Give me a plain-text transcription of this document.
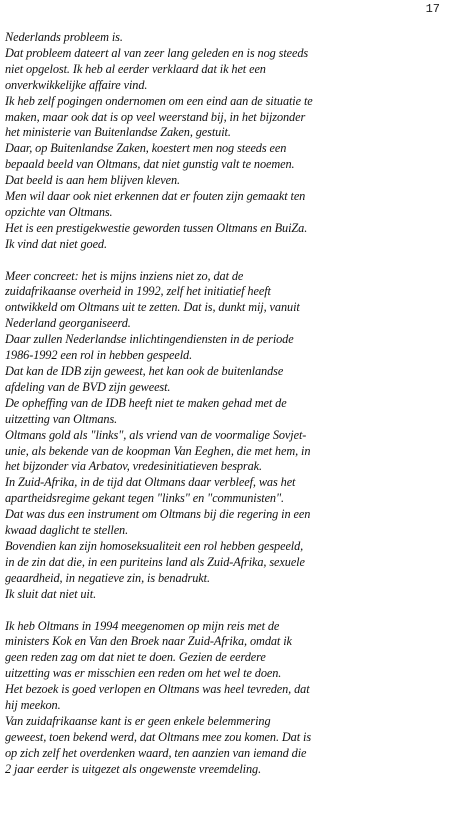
17
Nederlands probleem is.
Dat probleem dateert al van zeer lang geleden en is nog steeds
niet opgelost. Ik heb al eerder verklaard dat ik het een
onverkwikkelijke affaire vind.
Ik heb zelf pogingen ondernomen om een eind aan de situatie te
maken, maar ook dat is op veel weerstand bij, in het bijzonder
het ministerie van Buitenlandse Zaken, gestuit.
Daar, op Buitenlandse Zaken, koestert men nog steeds een
bepaald beeld van Oltmans, dat niet gunstig valt te noemen.
Dat beeld is aan hem blijven kleven.
Men wil daar ook niet erkennen dat er fouten zijn gemaakt ten
opzichte van Oltmans.
Het is een prestigekwestie geworden tussen Oltmans en BuiZa.
Ik vind dat niet goed.
Meer concreet: het is mijns inziens niet zo, dat de
zuidafrikaanse overheid in 1992, zelf het initiatief heeft
ontwikkeld om Oltmans uit te zetten. Dat is, dunkt mij, vanuit
Nederland georganiseerd.
Daar zullen Nederlandse inlichtingendiensten in de periode
1986-1992 een rol in hebben gespeeld.
Dat kan de IDB zijn geweest, het kan ook de buitenlandse
afdeling van de BVD zijn geweest.
De opheffing van de IDB heeft niet te maken gehad met de
uitzetting van Oltmans.
Oltmans gold als "links", als vriend van de voormalige Sovjet-
unie, als bekende van de koopman Van Eeghen, die met hem, in
het bijzonder via Arbatov, vredesinitiatieven besprak.
In Zuid-Afrika, in de tijd dat Oltmans daar verbleef, was het
apartheidsregime gekant tegen "links" en "communisten".
Dat was dus een instrument om Oltmans bij die regering in een
kwaad daglicht te stellen.
Bovendien kan zijn homoseksualiteit een rol hebben gespeeld,
in de zin dat die, in een puriteins land als Zuid-Afrika, sexuele
geaardheid, in negatieve zin, is benadrukt.
Ik sluit dat niet uit.
Ik heb Oltmans in 1994 meegenomen op mijn reis met de
ministers Kok en Van den Broek naar Zuid-Afrika, omdat ik
geen reden zag om dat niet te doen. Gezien de eerdere
uitzetting was er misschien een reden om het wel te doen.
Het bezoek is goed verlopen en Oltmans was heel tevreden, dat
hij meekon.
Van zuidafrikaanse kant is er geen enkele belemmering
geweest, toen bekend werd, dat Oltmans mee zou komen. Dat is
op zich zelf het overdenken waard, ten aanzien van iemand die
2 jaar eerder is uitgezet als ongewenste vreemdeling.
